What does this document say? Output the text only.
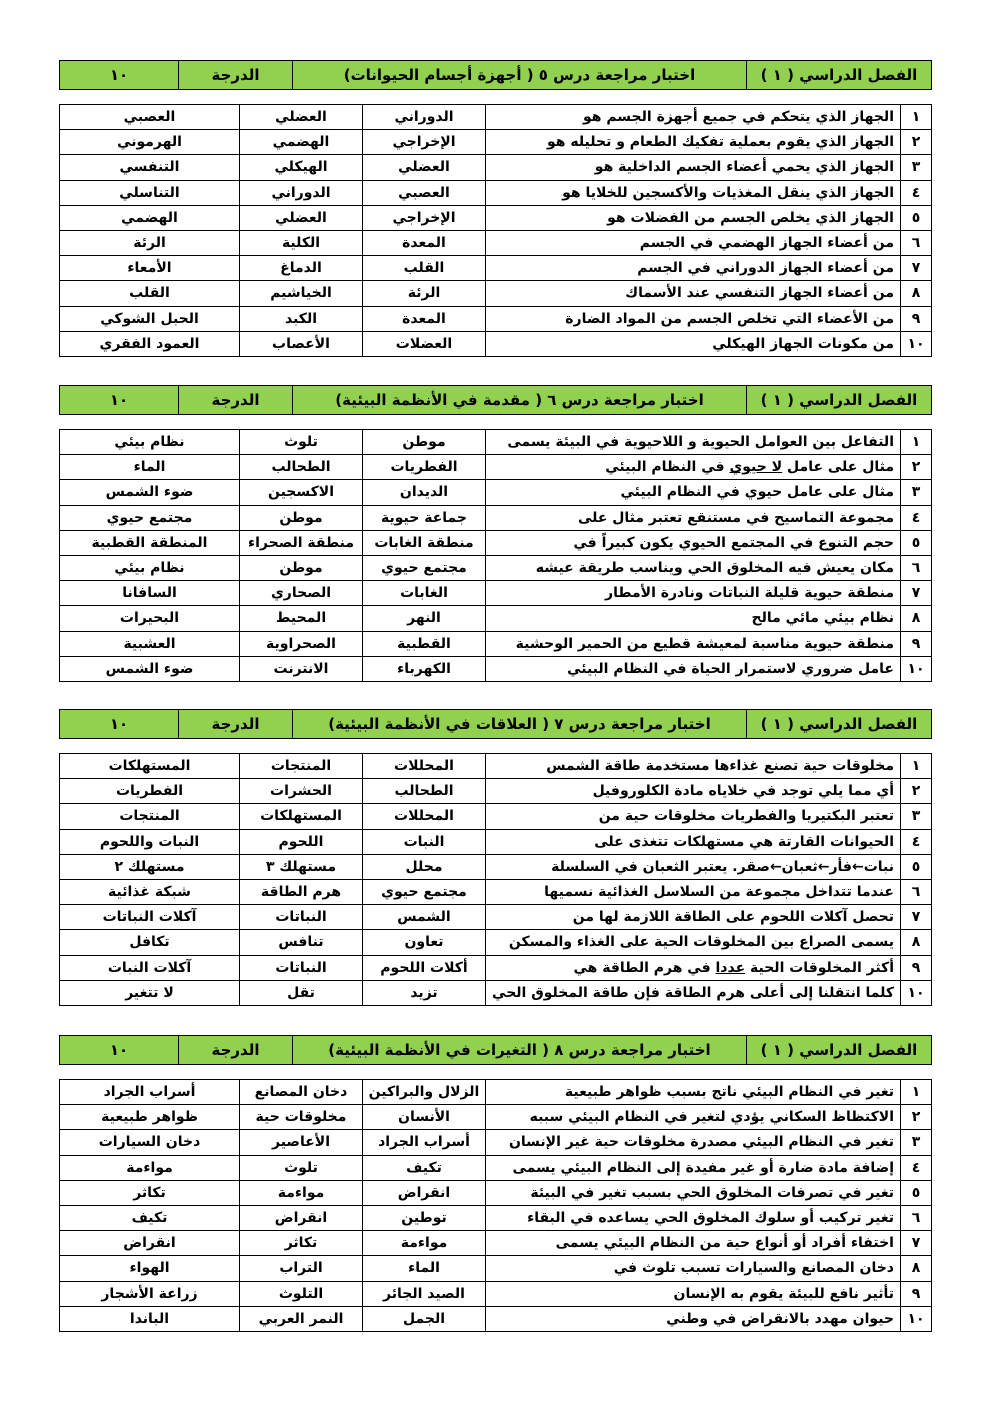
الفصل الدراسي ( ١ )	اختبار مراجعة درس ٥ ( أجهزة أجسام الحيوانات)	الدرجة	١٠
١	الجهاز الذي يتحكم في جميع أجهزة الجسم هو	الدوراني	العضلي	العصبي
٢	الجهاز الذي يقوم بعملية تفكيك الطعام و تحليله هو	الإخراجي	الهضمي	الهرموني
٣	الجهاز الذي يحمي أعضاء الجسم الداخلية هو	العضلي	الهيكلي	التنفسي
٤	الجهاز الذي ينقل المغذيات والأكسجين للخلايا هو	العصبي	الدوراني	التناسلي
٥	الجهاز الذي يخلص الجسم من الفضلات هو	الإخراجي	العضلي	الهضمي
٦	من أعضاء الجهاز الهضمي في الجسم	المعدة	الكلية	الرئة
٧	من أعضاء الجهاز الدوراني في الجسم	القلب	الدماغ	الأمعاء
٨	من أعضاء الجهاز التنفسي عند الأسماك	الرئة	الخياشيم	القلب
٩	من الأعضاء التي تخلص الجسم من المواد الضارة	المعدة	الكبد	الحبل الشوكي
١٠	من مكونات الجهاز الهيكلي	العضلات	الأعصاب	العمود الفقري
الفصل الدراسي ( ١ )	اختبار مراجعة درس ٦ ( مقدمة في الأنظمة البيئية)	الدرجة	١٠
١	التفاعل بين العوامل الحيوية و اللاحيوية في البيئة يسمى	موطن	تلوث	نظام بيئي
٢	مثال على عامل لا حيوي في النظام البيئي	الفطريات	الطحالب	الماء
٣	مثال على عامل حيوي في النظام البيئي	الديدان	الاكسجين	ضوء الشمس
٤	مجموعة التماسيح في مستنقع تعتبر مثال على	جماعة حيوية	موطن	مجتمع حيوي
٥	حجم التنوع في المجتمع الحيوي يكون كبيراً في	منطقة الغابات	منطقة الصحراء	المنطقة القطبية
٦	مكان يعيش فيه المخلوق الحي ويناسب طريقة عيشه	مجتمع حيوي	موطن	نظام بيئي
٧	منطقة حيوية قليلة النباتات ونادرة الأمطار	الغابات	الصحاري	السافانا
٨	نظام بيئي مائي مالح	النهر	المحيط	البحيرات
٩	منطقة حيوية مناسبة لمعيشة قطيع من الحمير الوحشية	القطبية	الصحراوية	العشبية
١٠	عامل ضروري لاستمرار الحياة في النظام البيئي	الكهرباء	الانترنت	ضوء الشمس
الفصل الدراسي ( ١ )	اختبار مراجعة درس ٧ ( العلاقات في الأنظمة البيئية)	الدرجة	١٠
١	مخلوقات حية تصنع غذاءها مستخدمة طاقة الشمس	المحللات	المنتجات	المستهلكات
٢	أي مما يلي توجد في خلاياه مادة الكلوروفيل	الطحالب	الحشرات	الفطريات
٣	تعتبر البكتيريا والفطريات مخلوقات حية من	المحللات	المستهلكات	المنتجات
٤	الحيوانات القارتة هي مستهلكات تتغذى على	النبات	اللحوم	النبات واللحوم
٥	نبات←فأر←ثعبان←صقر. يعتبر الثعبان في السلسلة	محلل	مستهلك ٣	مستهلك ٢
٦	عندما تتداخل مجموعة من السلاسل الغذائية نسميها	مجتمع حيوي	هرم الطاقة	شبكة غذائية
٧	تحصل آكلات اللحوم على الطاقة اللازمة لها من	الشمس	النباتات	آكلات النباتات
٨	يسمى الصراع بين المخلوقات الحية على الغذاء والمسكن	تعاون	تنافس	تكافل
٩	أكثر المخلوقات الحية عددا في هرم الطاقة هي	أكلات اللحوم	النباتات	آكلات النبات
١٠	كلما انتقلنا إلى أعلى هرم الطاقة فإن طاقة المخلوق الحي	تزيد	تقل	لا تتغير
الفصل الدراسي ( ١ )	اختبار مراجعة درس ٨ ( التغيرات في الأنظمة البيئية)	الدرجة	١٠
١	تغير في النظام البيئي ناتج بسبب ظواهر طبيعية	الزلال والبراكين	دخان المصانع	أسراب الجراد
٢	الاكتظاظ السكاني يؤدي لتغير في النظام البيئي سببه	الأنسان	مخلوقات حية	ظواهر طبيعية
٣	تغير في النظام البيئي مصدرة مخلوقات حية غير الإنسان	أسراب الجراد	الأعاصير	دخان السيارات
٤	إضافة مادة ضارة أو غير مفيدة إلى النظام البيئي يسمى	تكيف	تلوث	مواءمة
٥	تغير في تصرفات المخلوق الحي بسبب تغير في البيئة	انقراض	مواءمة	تكاثر
٦	تغير تركيب أو سلوك المخلوق الحي يساعده في البقاء	توطين	انقراض	تكيف
٧	اختفاء أفراد أو أنواع حية من النظام البيئي يسمى	مواءمة	تكاثر	انقراض
٨	دخان المصانع والسيارات تسبب تلوث في	الماء	التراب	الهواء
٩	تأثير نافع للبيئة يقوم به الإنسان	الصيد الجائر	التلوث	زراعة الأشجار
١٠	حيوان مهدد بالانقراض في وطني	الجمل	النمر العربي	الباندا
